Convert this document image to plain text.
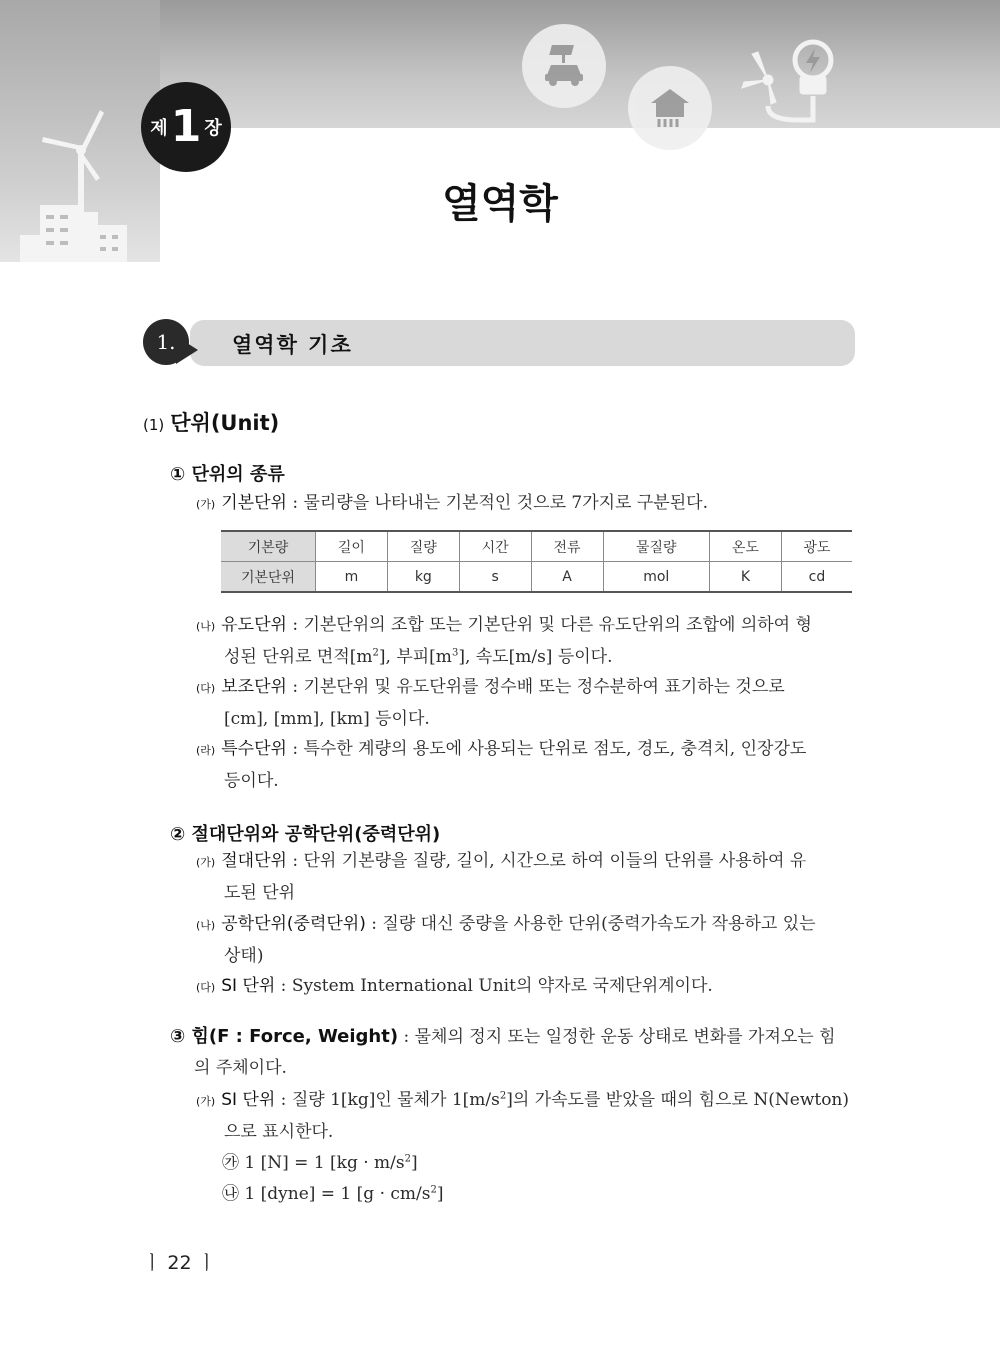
제 1 장
열역학
1.	열역학 기초
(1) 단위(Unit)
① 단위의 종류
(가) 기본단위 : 물리량을 나타내는 기본적인 것으로 7가지로 구분된다.
기본량	길이	질량	시간	전류	물질량	온도	광도
기본단위	m	kg	s	A	mol	K	cd
(나) 유도단위 : 기본단위의 조합 또는 기본단위 및 다른 유도단위의 조합에 의하여 형
성된 단위로 면적$[m^2]$, 부피$[m^3]$, 속도[m/s] 등이다.
(다) 보조단위 : 기본단위 및 유도단위를 정수배 또는 정수분하여 표기하는 것으로
[cm], [mm], [km] 등이다.
(라) 특수단위 : 특수한 계량의 용도에 사용되는 단위로 점도, 경도, 충격치, 인장강도
등이다.
② 절대단위와 공학단위(중력단위)
(가) 절대단위 : 단위 기본량을 질량, 길이, 시간으로 하여 이들의 단위를 사용하여 유
도된 단위
(나) 공학단위(중력단위) : 질량 대신 중량을 사용한 단위(중력가속도가 작용하고 있는
상태)
(다) SI 단위 : System International Unit의 약자로 국제단위계이다.
③ 힘(F : Force, Weight) : 물체의 정지 또는 일정한 운동 상태로 변화를 가져오는 힘
의 주체이다.
(가) SI 단위 : 질량 1[kg]인 물체가 $1[m/s^2]$의 가속도를 받았을 때의 힘으로 N(Newton)
으로 표시한다.
㉮ 1 [N] = 1 $[kg \cdot m/s^2]$
㉯ 1 [dyne] = 1 $[g \cdot cm/s^2]$
ㅣ 22 ㅣ
